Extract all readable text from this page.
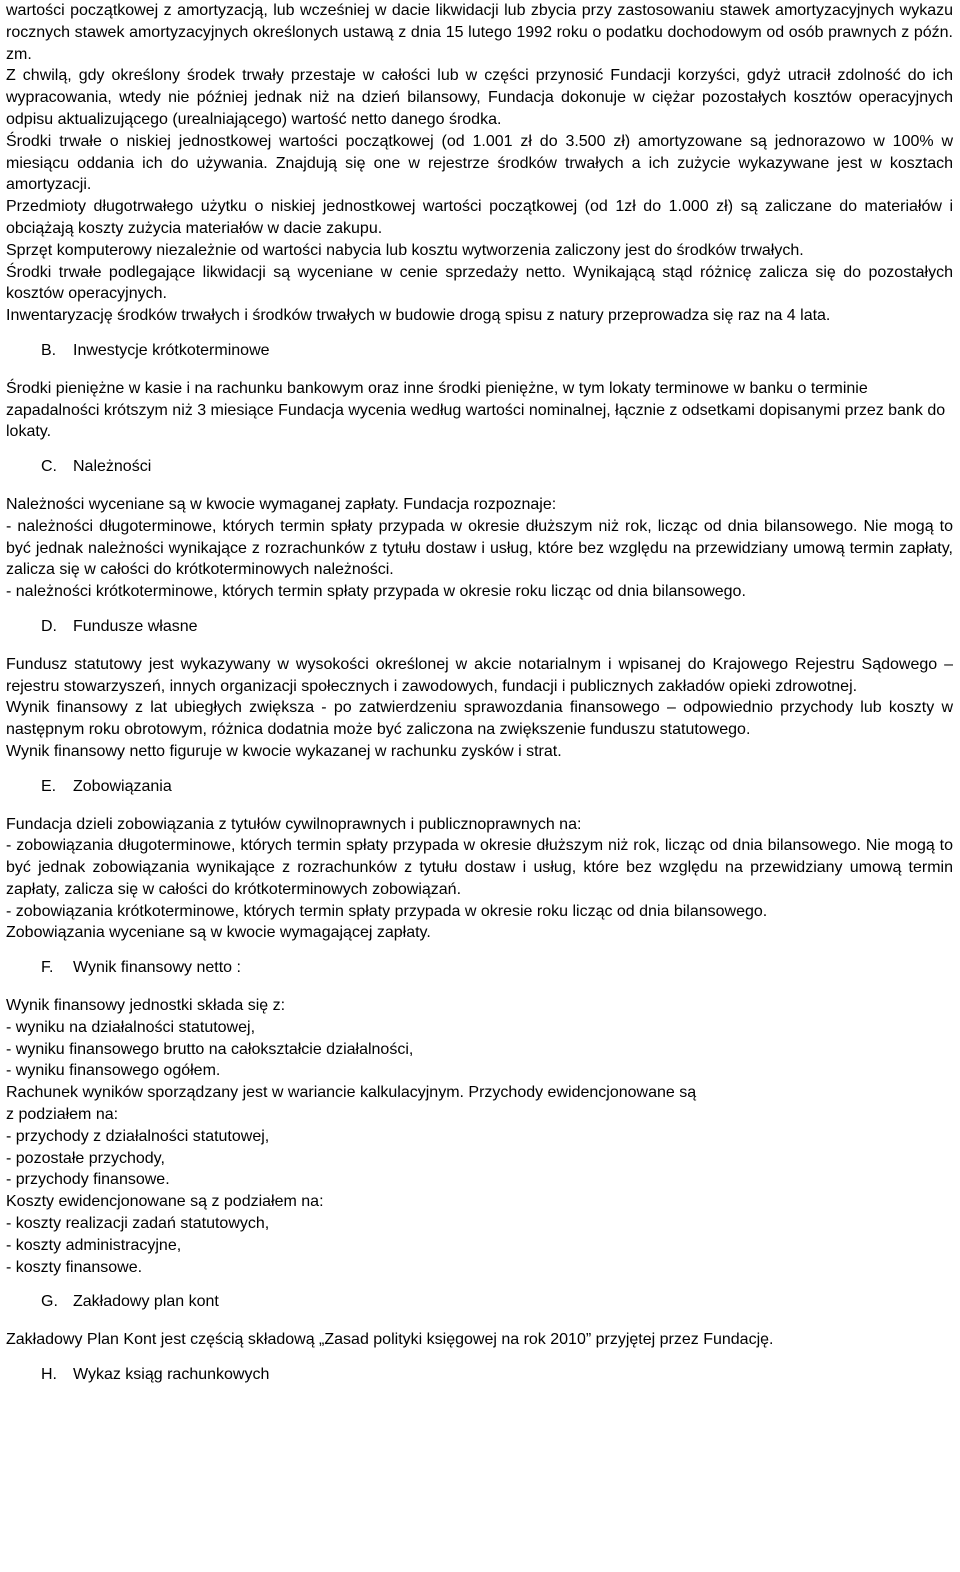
wartości początkowej z amortyzacją, lub wcześniej w dacie likwidacji lub zbycia przy zastosowaniu stawek amortyzacyjnych wykazu rocznych stawek amortyzacyjnych określonych ustawą z dnia 15 lutego 1992 roku o podatku dochodowym od osób prawnych z późn. zm.

Z chwilą, gdy określony środek trwały przestaje w całości lub w części przynosić Fundacji korzyści, gdyż utracił zdolność do ich wypracowania, wtedy nie później jednak niż na dzień bilansowy, Fundacja dokonuje w ciężar pozostałych kosztów operacyjnych odpisu aktualizującego (urealniającego) wartość netto danego środka.

Środki trwałe o niskiej jednostkowej wartości początkowej (od 1.001 zł do 3.500 zł) amortyzowane są jednorazowo w 100% w miesiącu oddania ich do używania. Znajdują się one w rejestrze środków trwałych a ich zużycie wykazywane jest w kosztach amortyzacji.

Przedmioty długotrwałego użytku o niskiej jednostkowej wartości początkowej (od 1zł do 1.000 zł) są zaliczane do materiałów i obciążają koszty zużycia materiałów w dacie zakupu.

Sprzęt komputerowy niezależnie od wartości nabycia lub kosztu wytworzenia zaliczony jest do środków trwałych.

Środki trwałe podlegające likwidacji są wyceniane w cenie sprzedaży netto. Wynikającą stąd różnicę zalicza się do pozostałych kosztów operacyjnych.

Inwentaryzację środków trwałych i środków trwałych w budowie drogą spisu z natury przeprowadza się raz na 4 lata.

B. Inwestycje krótkoterminowe

Środki pieniężne w kasie i na rachunku bankowym oraz inne środki pieniężne, w tym lokaty terminowe w banku o terminie zapadalności krótszym niż 3 miesiące Fundacja wycenia według wartości nominalnej, łącznie z odsetkami dopisanymi przez bank do lokaty.

C. Należności

Należności wyceniane są w kwocie wymaganej zapłaty. Fundacja rozpoznaje:

- należności długoterminowe, których termin spłaty przypada w okresie dłuższym niż rok, licząc od dnia bilansowego. Nie mogą to być jednak należności wynikające z rozrachunków z tytułu dostaw i usług, które bez względu na przewidziany umową termin zapłaty, zalicza się w całości do krótkoterminowych należności.

- należności krótkoterminowe, których termin spłaty przypada w okresie roku licząc od dnia bilansowego.

D. Fundusze własne

Fundusz statutowy jest wykazywany w wysokości określonej w akcie notarialnym i wpisanej do Krajowego Rejestru Sądowego – rejestru stowarzyszeń, innych organizacji społecznych i zawodowych, fundacji i publicznych zakładów opieki zdrowotnej.

Wynik finansowy z lat ubiegłych zwiększa - po zatwierdzeniu sprawozdania finansowego – odpowiednio przychody lub koszty w następnym roku obrotowym, różnica dodatnia może być zaliczona na zwiększenie funduszu statutowego.

Wynik finansowy netto figuruje w kwocie wykazanej w rachunku zysków i strat.

E. Zobowiązania

Fundacja dzieli zobowiązania z tytułów cywilnoprawnych i publicznoprawnych na:

- zobowiązania długoterminowe, których termin spłaty przypada w okresie dłuższym niż rok, licząc od dnia bilansowego. Nie mogą to być jednak zobowiązania wynikające z rozrachunków z tytułu dostaw i usług, które bez względu na przewidziany umową termin zapłaty, zalicza się w całości do krótkoterminowych zobowiązań.

- zobowiązania krótkoterminowe, których termin spłaty przypada w okresie roku licząc od dnia bilansowego.

Zobowiązania wyceniane są w kwocie wymagającej zapłaty.

F. Wynik finansowy netto :

Wynik finansowy jednostki składa się z:

- wyniku na działalności statutowej,

- wyniku finansowego brutto na całokształcie działalności,

- wyniku finansowego ogółem.

Rachunek wyników sporządzany jest w wariancie kalkulacyjnym. Przychody ewidencjonowane są

z podziałem na:

- przychody z działalności statutowej,

- pozostałe przychody,

- przychody finansowe.

Koszty ewidencjonowane są z podziałem na:

- koszty realizacji zadań statutowych,

- koszty administracyjne,

- koszty finansowe.

G. Zakładowy plan kont

Zakładowy Plan Kont jest częścią składową „Zasad polityki księgowej na rok 2010” przyjętej przez Fundację.

H. Wykaz ksiąg rachunkowych
